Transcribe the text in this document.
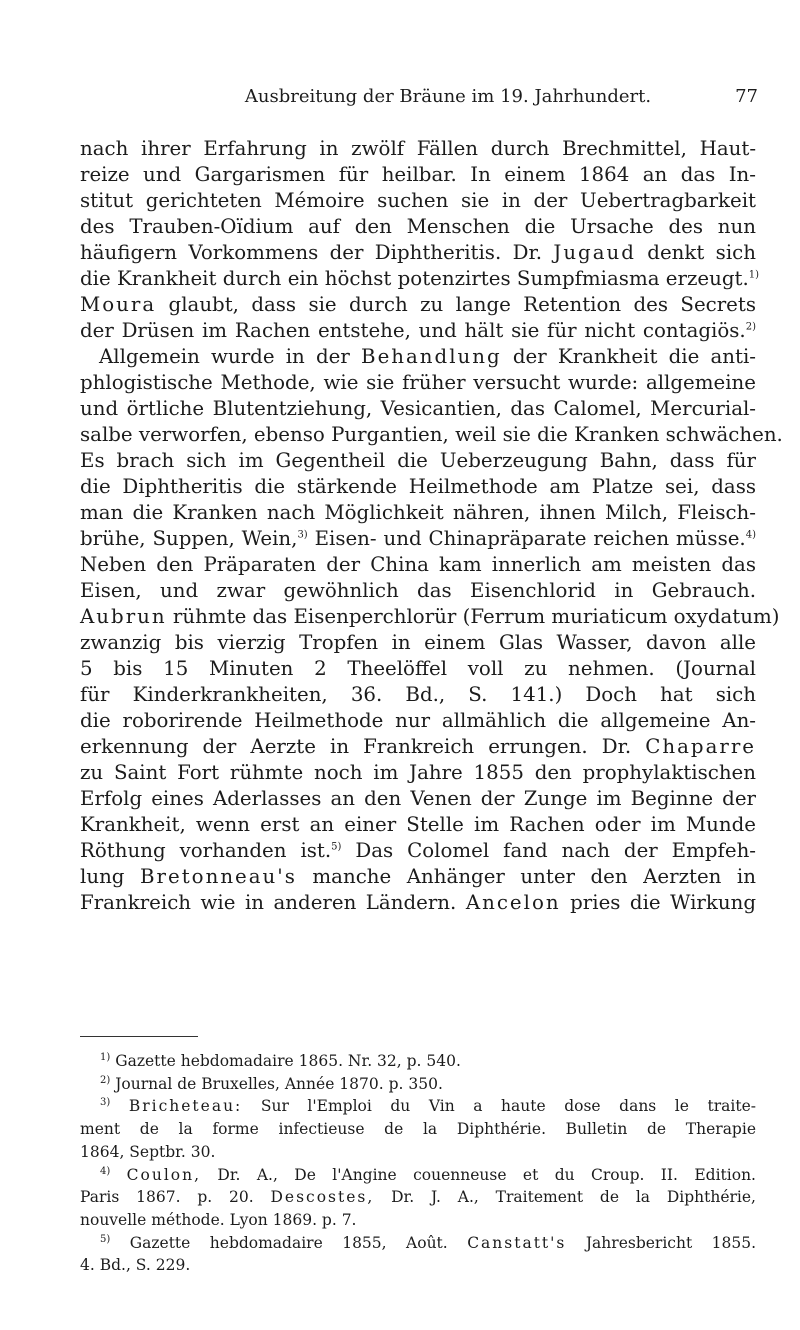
Ausbreitung der Bräune im 19. Jahrhundert.	77
nach ihrer Erfahrung in zwölf Fällen durch Brechmittel, Haut-
reize und Gargarismen für heilbar. In einem 1864 an das In-
stitut gerichteten Mémoire suchen sie in der Uebertragbarkeit
des Trauben-Oïdium auf den Menschen die Ursache des nun
häufigern Vorkommens der Diphtheritis. Dr. Jugaud denkt sich
die Krankheit durch ein höchst potenzirtes Sumpfmiasma erzeugt.$^{1)}$
Moura glaubt, dass sie durch zu lange Retention des Secrets
der Drüsen im Rachen entstehe, und hält sie für nicht contagiös.$^{2)}$
Allgemein wurde in der Behandlung der Krankheit die anti-
phlogistische Methode, wie sie früher versucht wurde: allgemeine
und örtliche Blutentziehung, Vesicantien, das Calomel, Mercurial-
salbe verworfen, ebenso Purgantien, weil sie die Kranken schwächen.
Es brach sich im Gegentheil die Ueberzeugung Bahn, dass für
die Diphtheritis die stärkende Heilmethode am Platze sei, dass
man die Kranken nach Möglichkeit nähren, ihnen Milch, Fleisch-
brühe, Suppen, Wein,$^{3)}$ Eisen- und Chinapräparate reichen müsse.$^{4)}$
Neben den Präparaten der China kam innerlich am meisten das
Eisen, und zwar gewöhnlich das Eisenchlorid in Gebrauch.
Aubrun rühmte das Eisenperchlorür (Ferrum muriaticum oxydatum)
zwanzig bis vierzig Tropfen in einem Glas Wasser, davon alle
5 bis 15 Minuten 2 Theelöffel voll zu nehmen. (Journal
für Kinderkrankheiten, 36. Bd., S. 141.) Doch hat sich
die roborirende Heilmethode nur allmählich die allgemeine An-
erkennung der Aerzte in Frankreich errungen. Dr. Chaparre
zu Saint Fort rühmte noch im Jahre 1855 den prophylaktischen
Erfolg eines Aderlasses an den Venen der Zunge im Beginne der
Krankheit, wenn erst an einer Stelle im Rachen oder im Munde
Röthung vorhanden ist.$^{5)}$ Das Colomel fand nach der Empfeh-
lung Bretonneau's manche Anhänger unter den Aerzten in
Frankreich wie in anderen Ländern. Ancelon pries die Wirkung
$^{1)}$ Gazette hebdomadaire 1865. Nr. 32, p. 540.
$^{2)}$ Journal de Bruxelles, Année 1870. p. 350.
$^{3)}$ Bricheteau: Sur l'Emploi du Vin a haute dose dans le traite-
ment de la forme infectieuse de la Diphthérie. Bulletin de Therapie
1864, Septbr. 30.
$^{4)}$ Coulon, Dr. A., De l'Angine couenneuse et du Croup. II. Edition.
Paris 1867. p. 20. Descostes, Dr. J. A., Traitement de la Diphthérie,
nouvelle méthode. Lyon 1869. p. 7.
$^{5)}$ Gazette hebdomadaire 1855, Août. Canstatt's Jahresbericht 1855.
4. Bd., S. 229.
